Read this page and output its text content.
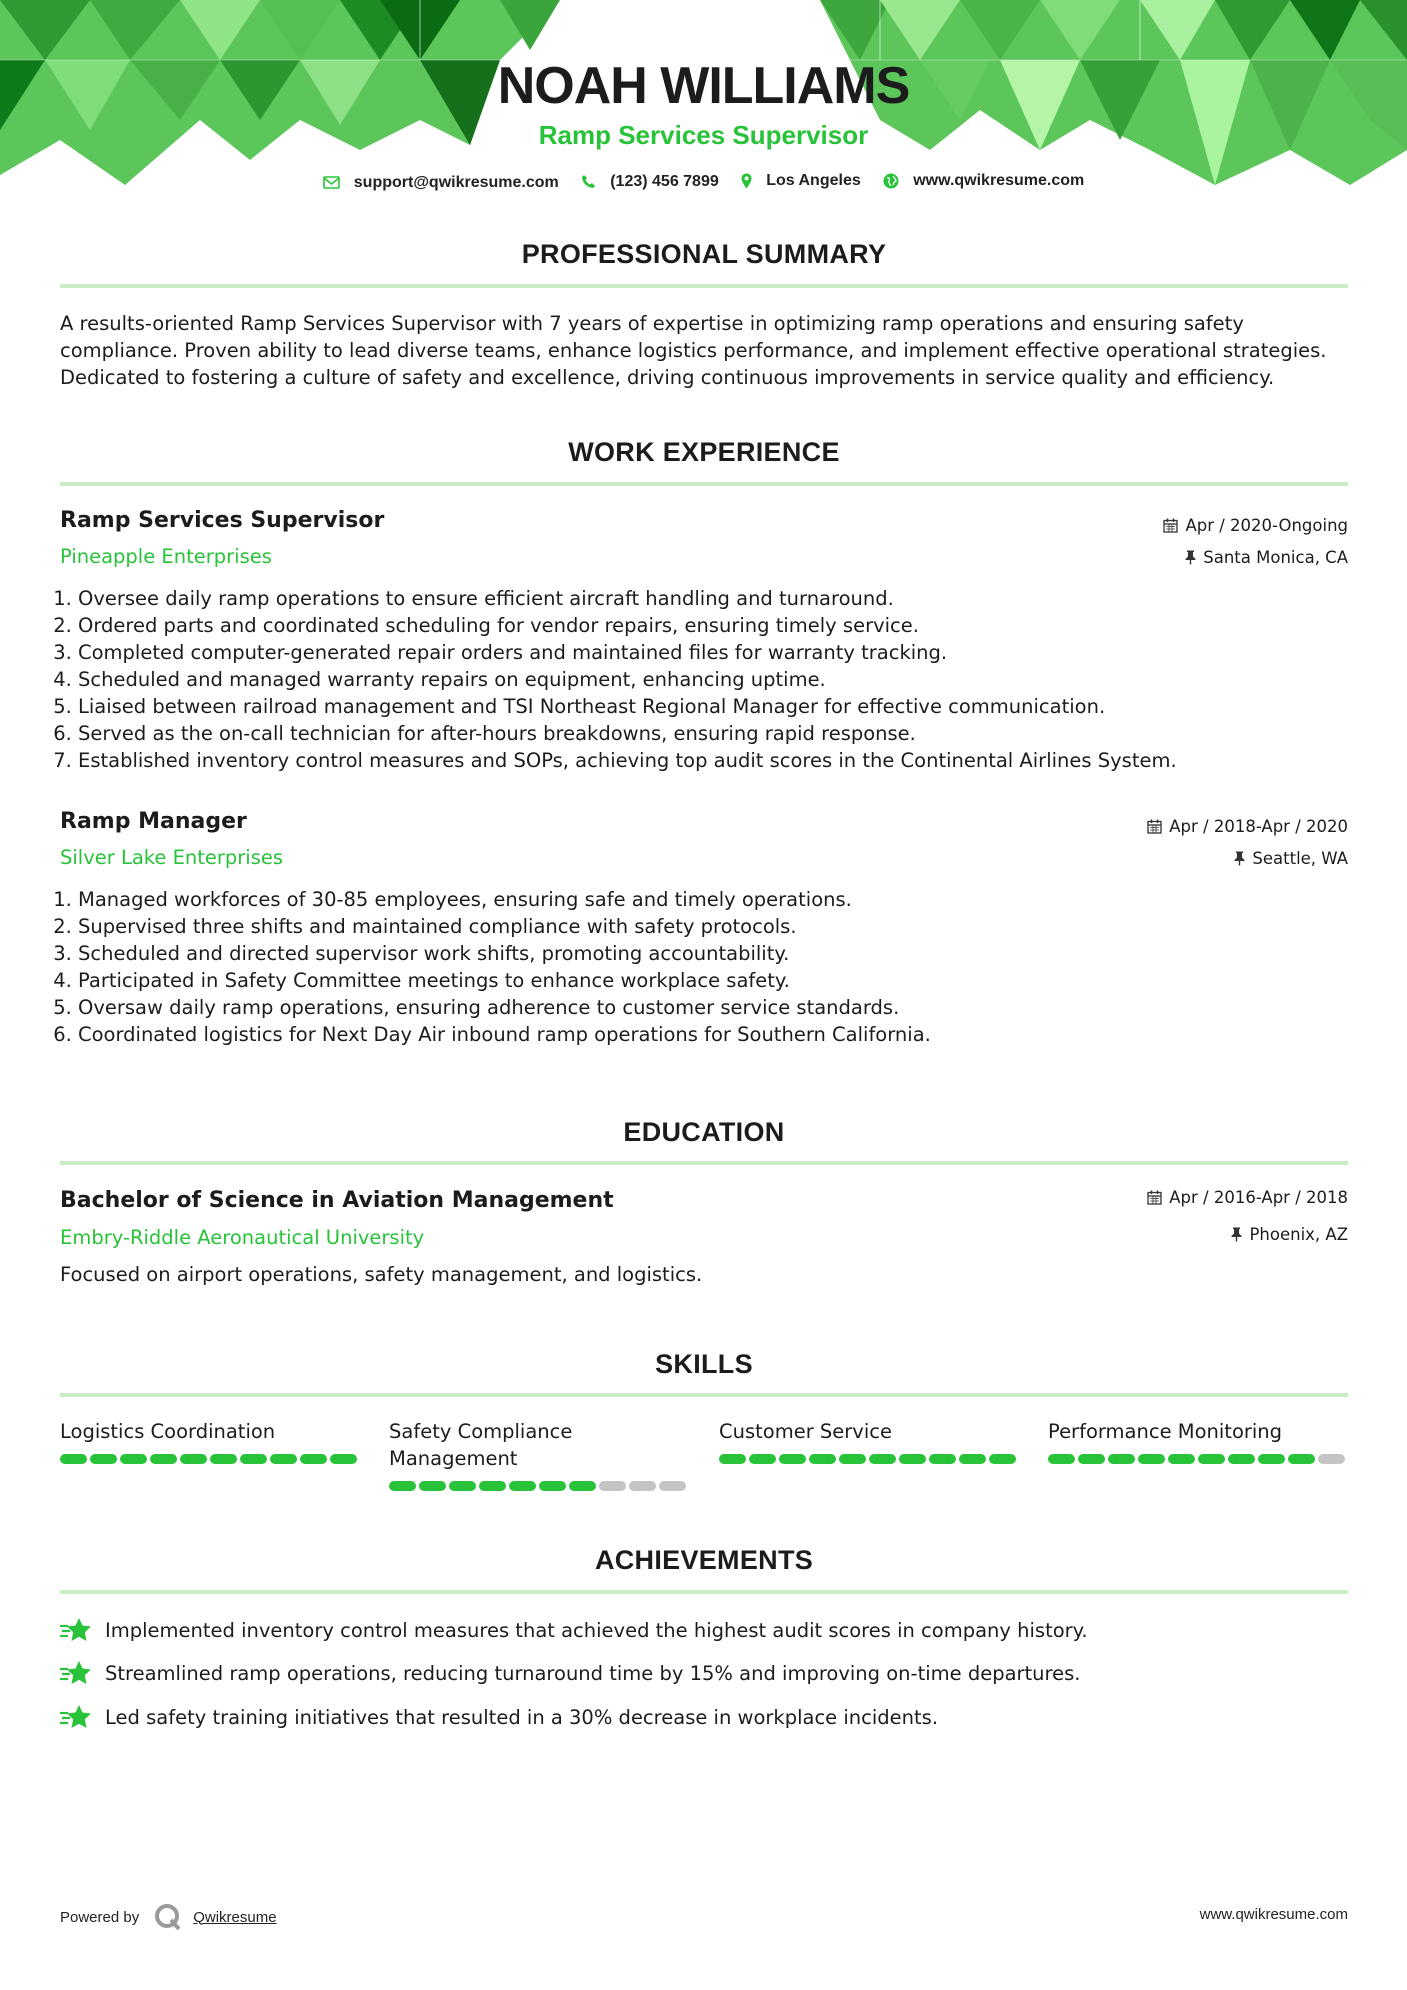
NOAH WILLIAMS
Ramp Services Supervisor
support@qwikresume.com
	(123) 456 7899
	Los Angeles
	www.qwikresume.com
PROFESSIONAL SUMMARY
A results-oriented Ramp Services Supervisor with 7 years of expertise in optimizing ramp operations and ensuring safety
compliance. Proven ability to lead diverse teams, enhance logistics performance, and implement effective operational strategies.
Dedicated to fostering a culture of safety and excellence, driving continuous improvements in service quality and efficiency.
WORK EXPERIENCE
Ramp Services Supervisor
Pineapple Enterprises
Apr / 2020-Ongoing
Santa Monica, CA
1. Oversee daily ramp operations to ensure efficient aircraft handling and turnaround.
2. Ordered parts and coordinated scheduling for vendor repairs, ensuring timely service.
3. Completed computer-generated repair orders and maintained files for warranty tracking.
4. Scheduled and managed warranty repairs on equipment, enhancing uptime.
5. Liaised between railroad management and TSI Northeast Regional Manager for effective communication.
6. Served as the on-call technician for after-hours breakdowns, ensuring rapid response.
7. Established inventory control measures and SOPs, achieving top audit scores in the Continental Airlines System.
Ramp Manager
Silver Lake Enterprises
Apr / 2018-Apr / 2020
Seattle, WA
1. Managed workforces of 30-85 employees, ensuring safe and timely operations.
2. Supervised three shifts and maintained compliance with safety protocols.
3. Scheduled and directed supervisor work shifts, promoting accountability.
4. Participated in Safety Committee meetings to enhance workplace safety.
5. Oversaw daily ramp operations, ensuring adherence to customer service standards.
6. Coordinated logistics for Next Day Air inbound ramp operations for Southern California.
EDUCATION
Bachelor of Science in Aviation Management
Embry-Riddle Aeronautical University
Apr / 2016-Apr / 2018
Phoenix, AZ
Focused on airport operations, safety management, and logistics.
SKILLS
Logistics Coordination	Safety Compliance Management
Customer Service	Performance Monitoring
ACHIEVEMENTS
Implemented inventory control measures that achieved the highest audit scores in company history.
Streamlined ramp operations, reducing turnaround time by 15% and improving on-time departures.
Led safety training initiatives that resulted in a 30% decrease in workplace incidents.
Powered by	Qwikresume	www.qwikresume.com
